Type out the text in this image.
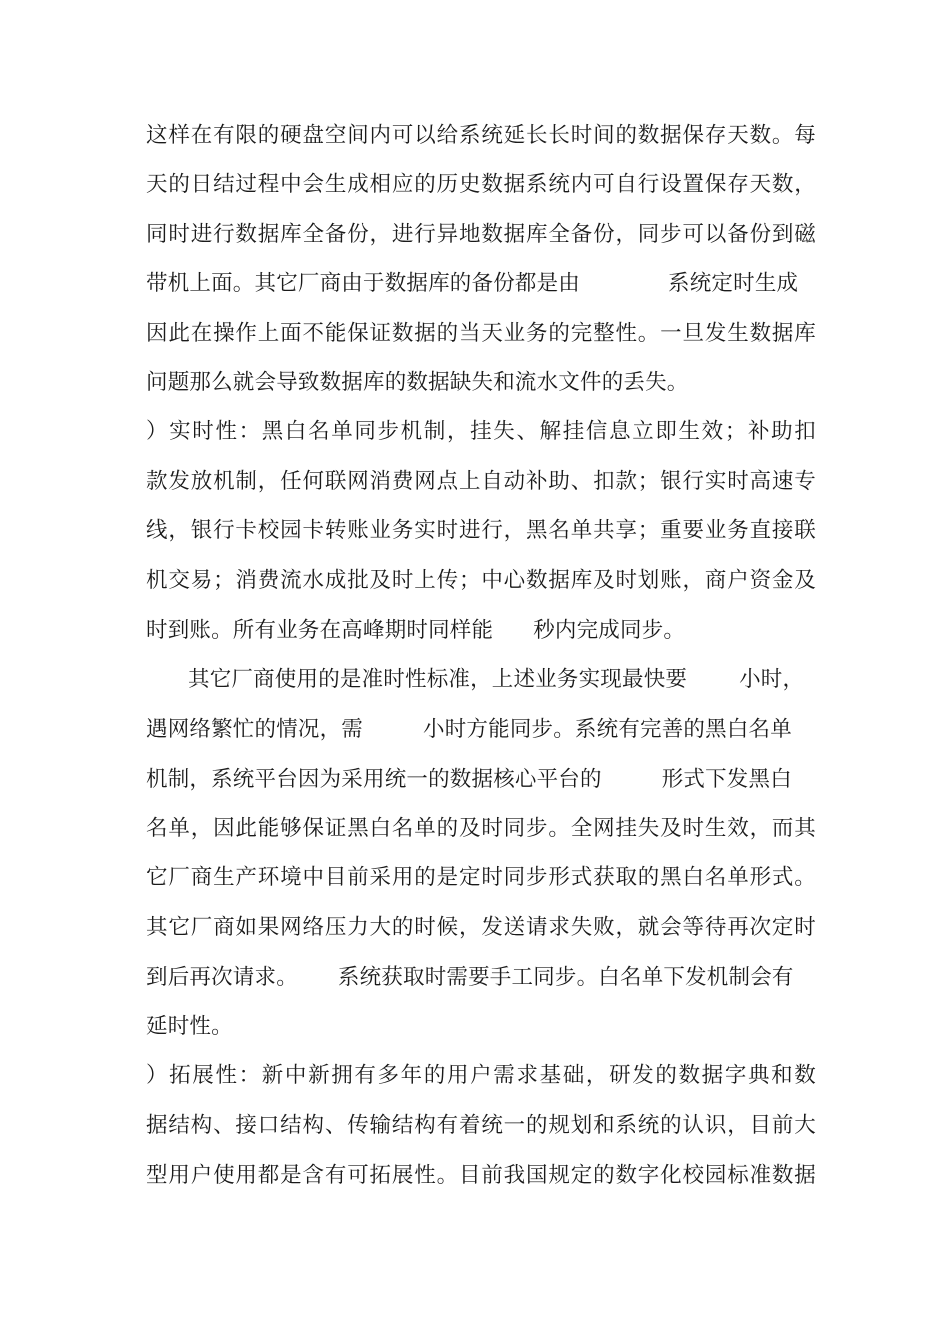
这样在有限的硬盘空间内可以给系统延长长时间的数据保存天数。每
天的日结过程中会生成相应的历史数据系统内可自行设置保存天数，
同时进行数据库全备份，进行异地数据库全备份，同步可以备份到磁
带机上面。其它厂商由于数据库的备份都是由	系统定时生成
因此在操作上面不能保证数据的当天业务的完整性。一旦发生数据库
问题那么就会导致数据库的数据缺失和流水文件的丢失。
）实时性：黑白名单同步机制，挂失、解挂信息立即生效；补助扣
款发放机制，任何联网消费网点上自动补助、扣款；银行实时高速专
线，银行卡校园卡转账业务实时进行，黑名单共享；重要业务直接联
机交易；消费流水成批及时上传；中心数据库及时划账，商户资金及
时到账。所有业务在高峰期时同样能 秒内完成同步。
其它厂商使用的是准时性标准，上述业务实现最快要 小时，
遇网络繁忙的情况，需	小时方能同步。系统有完善的黑白名单
机制，系统平台因为采用统一的数据核心平台的	形式下发黑白
名单，因此能够保证黑白名单的及时同步。全网挂失及时生效，而其
它厂商生产环境中目前采用的是定时同步形式获取的黑白名单形式。
其它厂商如果网络压力大的时候，发送请求失败，就会等待再次定时
到后再次请求。 系统获取时需要手工同步。白名单下发机制会有
延时性。
）拓展性：新中新拥有多年的用户需求基础，研发的数据字典和数
据结构、接口结构、传输结构有着统一的规划和系统的认识，目前大
型用户使用都是含有可拓展性。目前我国规定的数字化校园标准数据
